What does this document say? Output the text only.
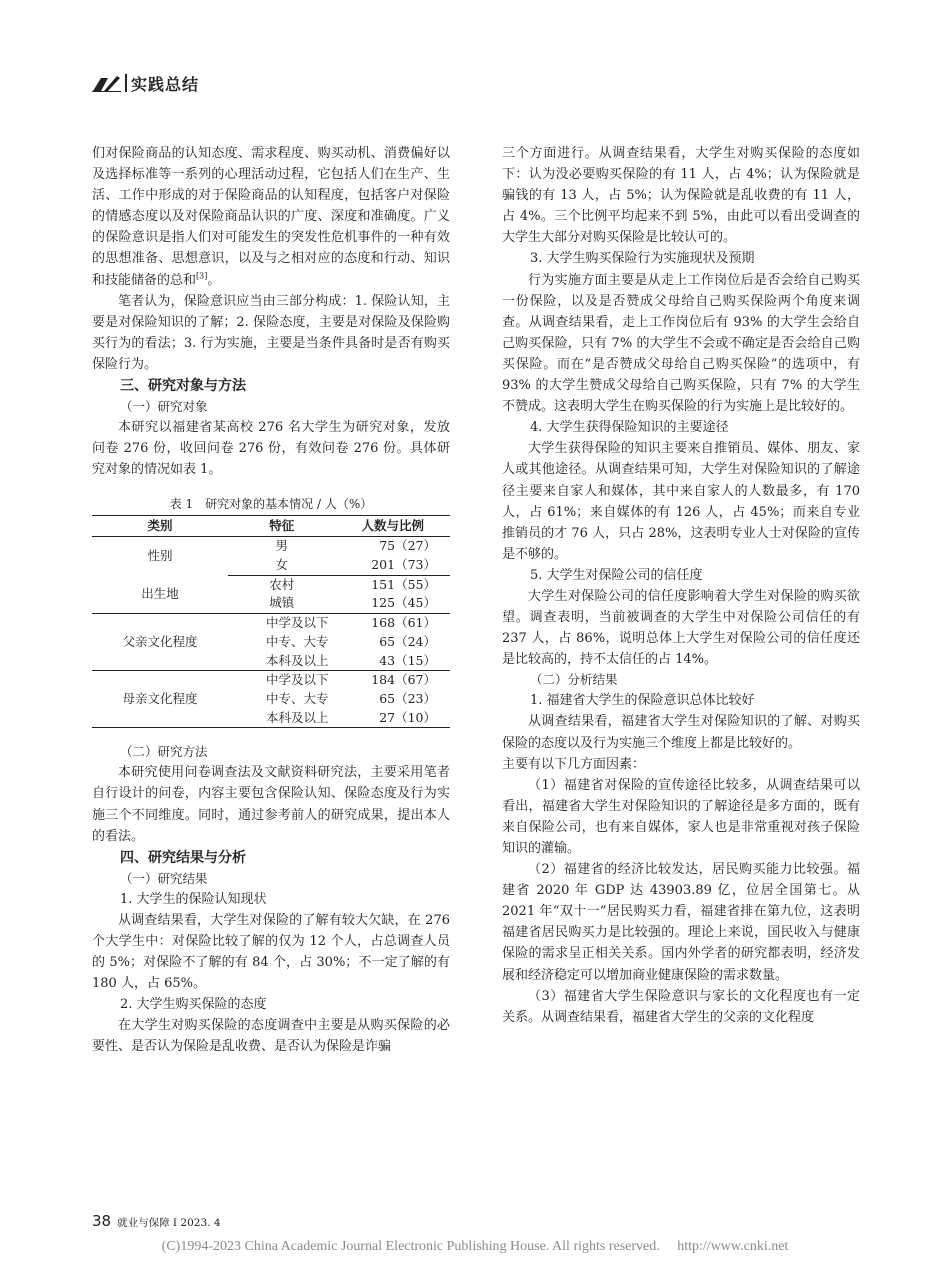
实践总结

们对保险商品的认知态度、需求程度、购买动机、消费偏好以及选择标准等一系列的心理活动过程，它包括人们在生产、生活、工作中形成的对于保险商品的认知程度，包括客户对保险的情感态度以及对保险商品认识的广度、深度和准确度。广义的保险意识是指人们对可能发生的突发性危机事件的一种有效的思想准备、思想意识，以及与之相对应的态度和行动、知识和技能储备的总和[3]。

笔者认为，保险意识应当由三部分构成：1. 保险认知，主要是对保险知识的了解；2. 保险态度，主要是对保险及保险购买行为的看法；3. 行为实施，主要是当条件具备时是否有购买保险行为。

三、研究对象与方法
（一）研究对象

本研究以福建省某高校 276 名大学生为研究对象，发放问卷 276 份，收回问卷 276 份，有效问卷 276 份。具体研究对象的情况如表 1。

表 1　研究对象的基本情况 / 人（%）
类别	特征	人数与比例
性别	男	75（27）
	女	201（73）
出生地	农村	151（55）
	城镇	125（45）
父亲文化程度	中学及以下	168（61）
	中专、大专	65（24）
	本科及以上	43（15）
母亲文化程度	中学及以下	184（67）
	中专、大专	65（23）
	本科及以上	27（10）
（二）研究方法

本研究使用问卷调查法及文献资料研究法，主要采用笔者自行设计的问卷，内容主要包含保险认知、保险态度及行为实施三个不同维度。同时，通过参考前人的研究成果，提出本人的看法。

四、研究结果与分析
（一）研究结果
1. 大学生的保险认知现状

从调查结果看，大学生对保险的了解有较大欠缺，在 276 个大学生中：对保险比较了解的仅为 12 个人，占总调查人员的 5%；对保险不了解的有 84 个，占 30%；不一定了解的有 180 人，占 65%。

2. 大学生购买保险的态度

在大学生对购买保险的态度调查中主要是从购买保险的必要性、是否认为保险是乱收费、是否认为保险是诈骗

三个方面进行。从调查结果看，大学生对购买保险的态度如下：认为没必要购买保险的有 11 人，占 4%；认为保险就是骗钱的有 13 人，占 5%；认为保险就是乱收费的有 11 人，占 4%。三个比例平均起来不到 5%，由此可以看出受调查的大学生大部分对购买保险是比较认可的。

3. 大学生购买保险行为实施现状及预期

行为实施方面主要是从走上工作岗位后是否会给自己购买一份保险，以及是否赞成父母给自己购买保险两个角度来调查。从调查结果看，走上工作岗位后有 93% 的大学生会给自己购买保险，只有 7% 的大学生不会或不确定是否会给自己购买保险。而在“是否赞成父母给自己购买保险”的选项中，有 93% 的大学生赞成父母给自己购买保险，只有 7% 的大学生不赞成。这表明大学生在购买保险的行为实施上是比较好的。

4. 大学生获得保险知识的主要途径

大学生获得保险的知识主要来自推销员、媒体、朋友、家人或其他途径。从调查结果可知，大学生对保险知识的了解途径主要来自家人和媒体，其中来自家人的人数最多，有 170 人，占 61%；来自媒体的有 126 人，占 45%；而来自专业推销员的才 76 人，只占 28%，这表明专业人士对保险的宣传是不够的。

5. 大学生对保险公司的信任度

大学生对保险公司的信任度影响着大学生对保险的购买欲望。调查表明，当前被调查的大学生中对保险公司信任的有 237 人，占 86%，说明总体上大学生对保险公司的信任度还是比较高的，持不太信任的占 14%。

（二）分析结果
1. 福建省大学生的保险意识总体比较好

从调查结果看，福建省大学生对保险知识的了解、对购买保险的态度以及行为实施三个维度上都是比较好的。

主要有以下几方面因素：

（1）福建省对保险的宣传途径比较多，从调查结果可以看出，福建省大学生对保险知识的了解途径是多方面的，既有来自保险公司，也有来自媒体，家人也是非常重视对孩子保险知识的灌输。

（2）福建省的经济比较发达，居民购买能力比较强。福建省 2020 年 GDP 达 43903.89 亿，位居全国第七。从 2021 年“双十一”居民购买力看，福建省排在第九位，这表明福建省居民购买力是比较强的。理论上来说，国民收入与健康保险的需求呈正相关关系。国内外学者的研究都表明，经济发展和经济稳定可以增加商业健康保险的需求数量。

（3）福建省大学生保险意识与家长的文化程度也有一定关系。从调查结果看，福建省大学生的父亲的文化程度

38 就业与保障 I 2023. 4
(C)1994-2023 China Academic Journal Electronic Publishing House. All rights reserved.　 http://www.cnki.net
